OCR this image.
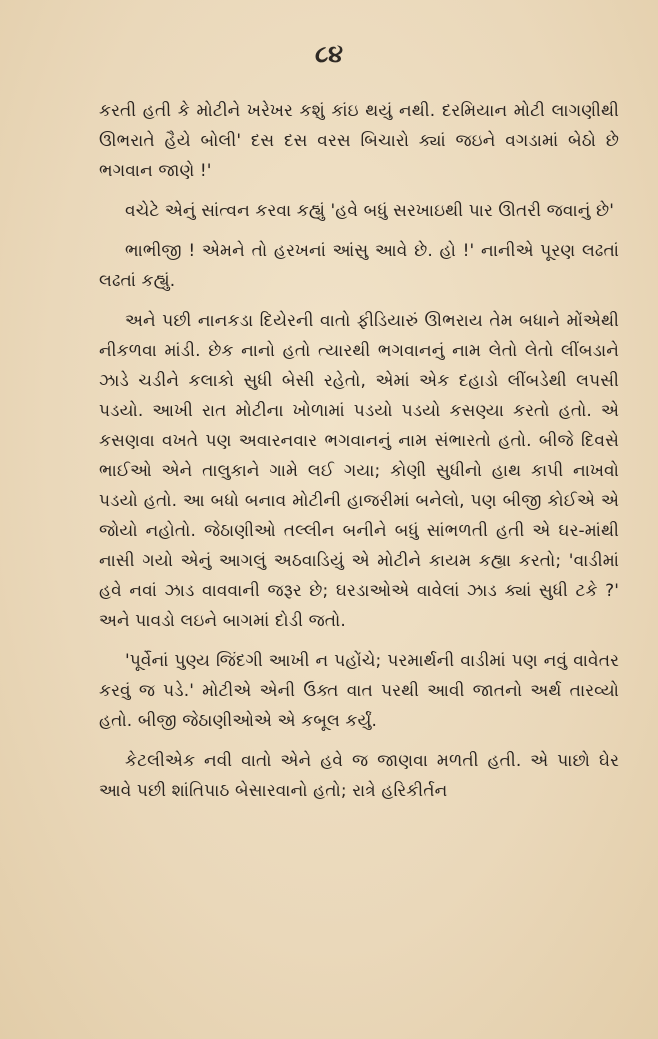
૮૪

કરતી હતી કે મોટીને ખરેખર કશું કાંઇ થયું નથી. દરમિયાન મોટી લાગણીથી ઊભરાતે હૈયે બોલી' દસ દસ વરસ બિચારો ક્યાં જઇને વગડામાં બેઠો છે ભગવાન જાણે !'

વચેટે એનું સાંત્વન કરવા કહ્યું 'હવે બધું સરખાઇથી પાર ઊતરી જવાનું છે'

ભાભીજી ! એમને તો હરખનાં આંસુ આવે છે. હો !' નાનીએ પૂરણ લઢતાં લઢતાં કહ્યું.

અને પછી નાનકડા દિયેરની વાતો ફીડિયારું ઊભરાય તેમ બધાને મોંએથી નીકળવા માંડી. છેક નાનો હતો ત્યારથી ભગવાનનું નામ લેતો લેતો લીંબડાને ઝાડે ચડીને કલાકો સુધી બેસી રહેતો, એમાં એક દહાડો લીંબડેથી લપસી પડયો. આખી રાત મોટીના ખોળામાં પડયો પડયો કસણ્યા કરતો હતો. એ કસણવા વખતે પણ અવારનવાર ભગવાનનું નામ સંભારતો હતો. બીજે દિવસે ભાઈઓ એને તાલુકાને ગામે લઈ ગયા; કોણી સુધીનો હાથ કાપી નાખવો પડયો હતો. આ બધો બનાવ મોટીની હાજરીમાં બનેલો, પણ બીજી કોઈએ એ જોયો નહોતો. જેઠાણીઓ તલ્લીન બનીને બધું સાંભળતી હતી એ ઘર-માંથી નાસી ગયો એનું આગલું અઠવાડિયું એ મોટીને કાયમ કહ્યા કરતો; 'વાડીમાં હવે નવાં ઝાડ વાવવાની જરૂર છે; ઘરડાઓએ વાવેલાં ઝાડ ક્યાં સુધી ટકે ?' અને પાવડો લઇને બાગમાં દોડી જતો.

'પૂર્વેનાં પુણ્ય જિંદગી આખી ન પહોંચે; પરમાર્થની વાડીમાં પણ નવું વાવેતર કરવું જ પડે.' મોટીએ એની ઉક્ત વાત પરથી આવી જાતનો અર્થ તારવ્યો હતો. બીજી જેઠાણીઓએ એ કબૂલ કર્યું.

કેટલીએક નવી વાતો એને હવે જ જાણવા મળતી હતી. એ પાછો ઘેર આવે પછી શાંતિપાઠ બેસારવાનો હતો; રાત્રે હરિકીર્તન
